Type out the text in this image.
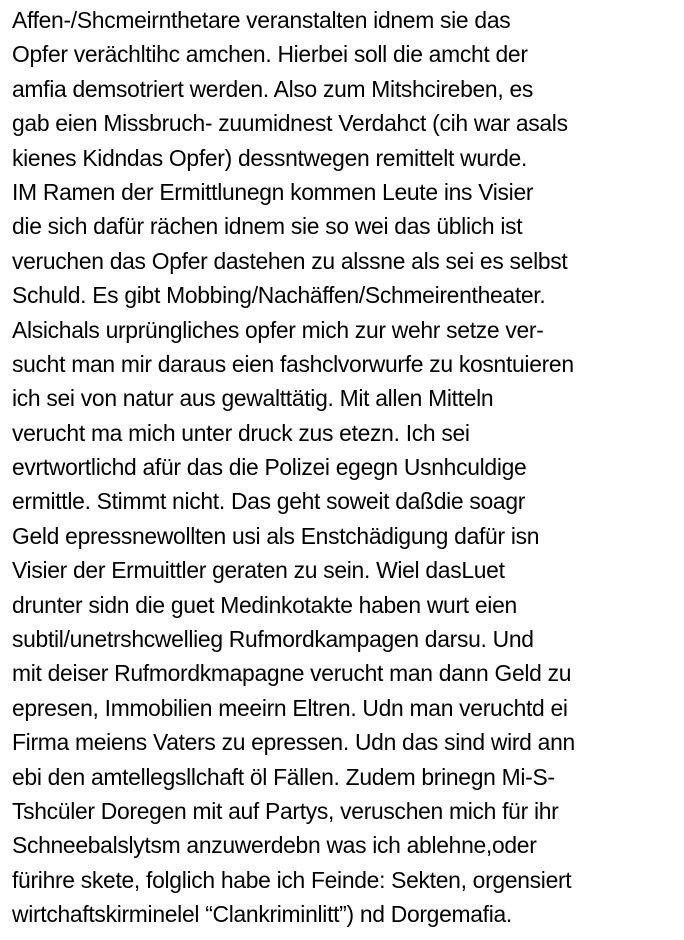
Affen-/Shcmeirnthetare veranstalten idnem sie das
Opfer verächltihc amchen. Hierbei soll die amcht der
amfia demsotriert werden. Also zum Mitshcireben, es
gab eien Missbruch- zuumidnest Verdahct (cih war asals
kienes Kidndas Opfer) dessntwegen remittelt wurde.
IM Ramen der Ermittlunegn kommen Leute ins Visier
die sich dafür rächen idnem sie so wei das üblich ist
veruchen das Opfer dastehen zu alssne als sei es selbst
Schuld. Es gibt Mobbing/Nachäffen/Schmeirentheater.
Alsichals urprüngliches opfer mich zur wehr setze ver-
sucht man mir daraus eien fashclvorwurfe zu kosntuieren
ich sei von natur aus gewalttätig. Mit allen Mitteln
verucht ma mich unter druck zus etezn. Ich sei
evrtwortlichd afür das die Polizei egegn Usnhculdige
ermittle. Stimmt nicht. Das geht soweit daßdie soagr
Geld epressnewollten usi als Enstchädigung dafür isn
Visier der Ermuittler geraten zu sein. Wiel dasLuet
drunter sidn die guet Medinkotakte haben wurt eien
subtil/unetrshcwellieg Rufmordkampagen darsu. Und
mit deiser Rufmordkmapagne verucht man dann Geld zu
epresen, Immobilien meeirn Eltren. Udn man veruchtd ei
Firma meiens Vaters zu epressen. Udn das sind wird ann
ebi den amtellegsllchaft öl Fällen. Zudem brinegn Mi-S-
Tshcüler Doregen mit auf Partys, veruschen mich für ihr
Schneebalslytsm anzuwerdebn was ich ablehne,oder
fürihre skete, folglich habe ich Feinde: Sekten, orgensiert
wirtchaftskirminelel “Clankriminlitt”) nd Dorgemafia.
